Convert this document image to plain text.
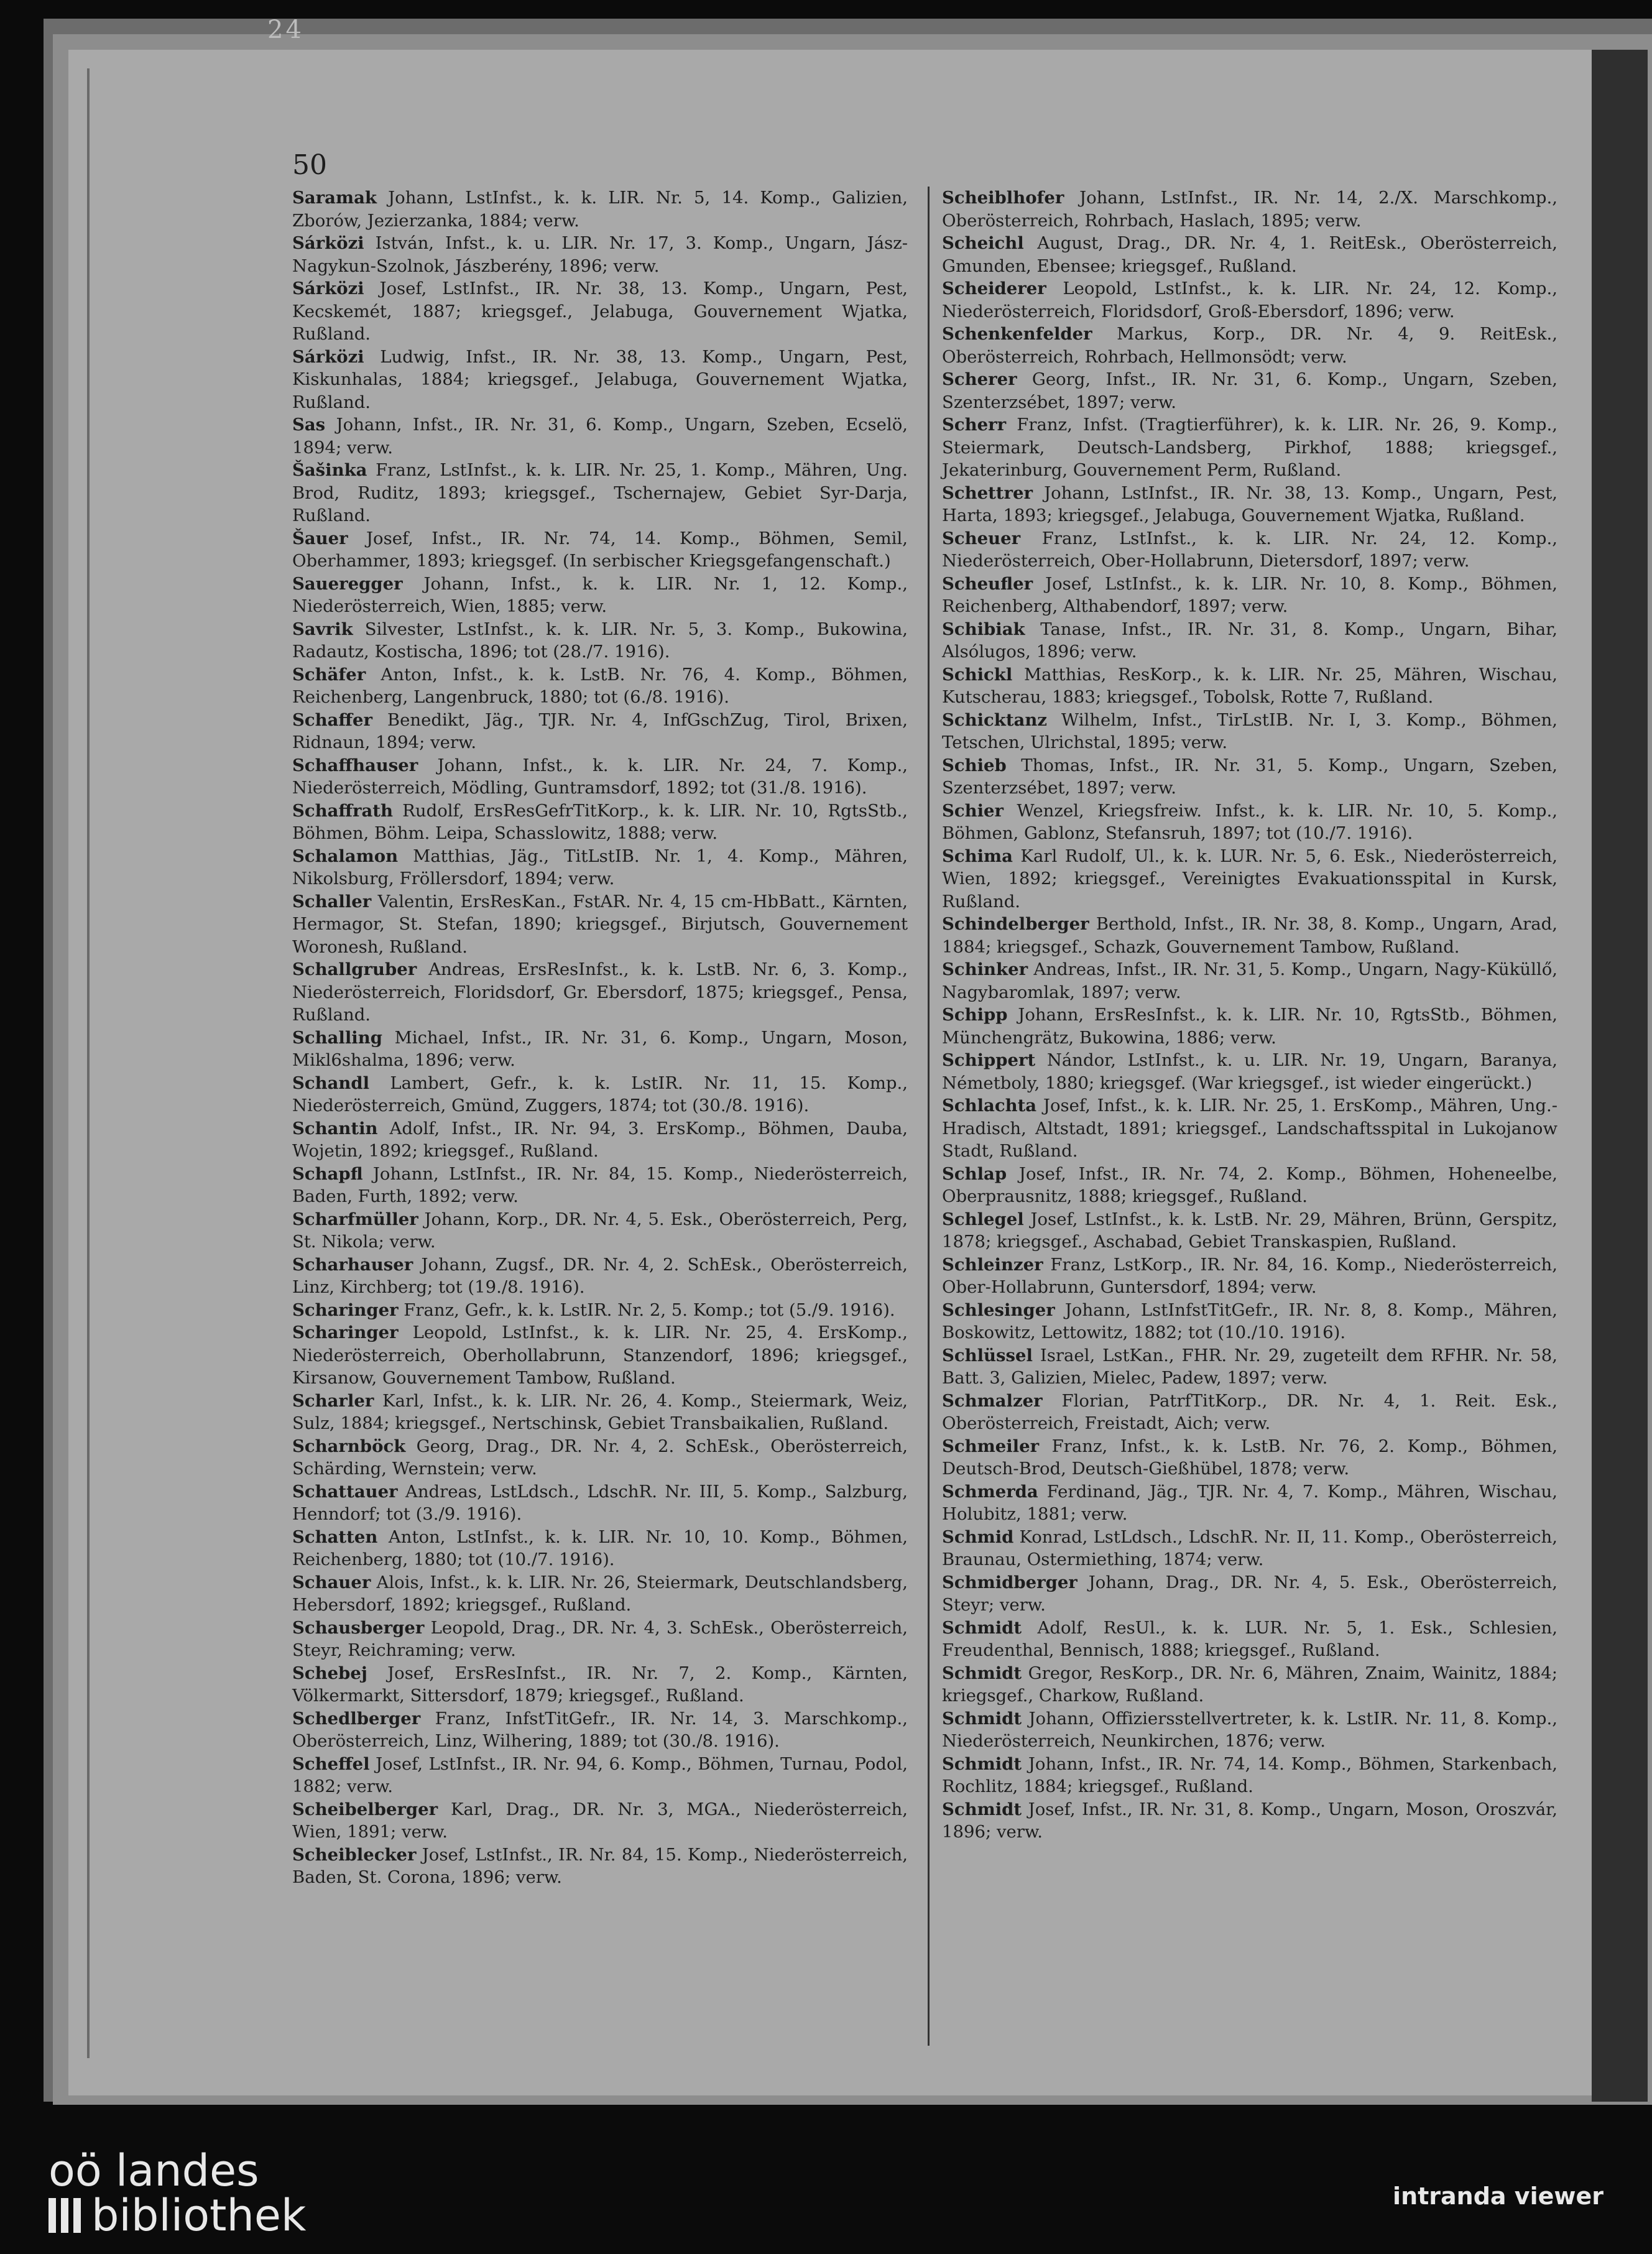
24
50
Saramak Johann, LstInfst., k. k. LIR. Nr. 5, 14. Komp., Galizien, Zborów, Jezierzanka, 1884; verw.
Sárközi István, Infst., k. u. LIR. Nr. 17, 3. Komp., Ungarn, Jász-Nagykun-Szolnok, Jászberény, 1896; verw.
Sárközi Josef, LstInfst., IR. Nr. 38, 13. Komp., Ungarn, Pest, Kecskemét, 1887; kriegsgef., Jelabuga, Gouvernement Wjatka, Rußland.
Sárközi Ludwig, Infst., IR. Nr. 38, 13. Komp., Ungarn, Pest, Kiskunhalas, 1884; kriegsgef., Jelabuga, Gouvernement Wjatka, Rußland.
Sas Johann, Infst., IR. Nr. 31, 6. Komp., Ungarn, Szeben, Ecselö, 1894; verw.
Šašinka Franz, LstInfst., k. k. LIR. Nr. 25, 1. Komp., Mähren, Ung. Brod, Ruditz, 1893; kriegsgef., Tschernajew, Gebiet Syr-Darja, Rußland.
Šauer Josef, Infst., IR. Nr. 74, 14. Komp., Böhmen, Semil, Oberhammer, 1893; kriegsgef. (In serbischer Kriegsgefangenschaft.)
Saueregger Johann, Infst., k. k. LIR. Nr. 1, 12. Komp., Niederösterreich, Wien, 1885; verw.
Savrik Silvester, LstInfst., k. k. LIR. Nr. 5, 3. Komp., Bukowina, Radautz, Kostischa, 1896; tot (28./7. 1916).
Schäfer Anton, Infst., k. k. LstB. Nr. 76, 4. Komp., Böhmen, Reichenberg, Langenbruck, 1880; tot (6./8. 1916).
Schaffer Benedikt, Jäg., TJR. Nr. 4, InfGschZug, Tirol, Brixen, Ridnaun, 1894; verw.
Schaffhauser Johann, Infst., k. k. LIR. Nr. 24, 7. Komp., Niederösterreich, Mödling, Guntramsdorf, 1892; tot (31./8. 1916).
Schaffrath Rudolf, ErsResGefrTitKorp., k. k. LIR. Nr. 10, RgtsStb., Böhmen, Böhm. Leipa, Schasslowitz, 1888; verw.
Schalamon Matthias, Jäg., TitLstIB. Nr. 1, 4. Komp., Mähren, Nikolsburg, Fröllersdorf, 1894; verw.
Schaller Valentin, ErsResKan., FstAR. Nr. 4, 15 cm-HbBatt., Kärnten, Hermagor, St. Stefan, 1890; kriegsgef., Birjutsch, Gouvernement Woronesh, Rußland.
Schallgruber Andreas, ErsResInfst., k. k. LstB. Nr. 6, 3. Komp., Niederösterreich, Floridsdorf, Gr. Ebersdorf, 1875; kriegsgef., Pensa, Rußland.
Schalling Michael, Infst., IR. Nr. 31, 6. Komp., Ungarn, Moson, Mikl6shalma, 1896; verw.
Schandl Lambert, Gefr., k. k. LstIR. Nr. 11, 15. Komp., Niederösterreich, Gmünd, Zuggers, 1874; tot (30./8. 1916).
Schantin Adolf, Infst., IR. Nr. 94, 3. ErsKomp., Böhmen, Dauba, Wojetin, 1892; kriegsgef., Rußland.
Schapfl Johann, LstInfst., IR. Nr. 84, 15. Komp., Niederösterreich, Baden, Furth, 1892; verw.
Scharfmüller Johann, Korp., DR. Nr. 4, 5. Esk., Oberösterreich, Perg, St. Nikola; verw.
Scharhauser Johann, Zugsf., DR. Nr. 4, 2. SchEsk., Oberösterreich, Linz, Kirchberg; tot (19./8. 1916).
Scharinger Franz, Gefr., k. k. LstIR. Nr. 2, 5. Komp.; tot (5./9. 1916).
Scharinger Leopold, LstInfst., k. k. LIR. Nr. 25, 4. ErsKomp., Niederösterreich, Oberhollabrunn, Stanzendorf, 1896; kriegsgef., Kirsanow, Gouvernement Tambow, Rußland.
Scharler Karl, Infst., k. k. LIR. Nr. 26, 4. Komp., Steiermark, Weiz, Sulz, 1884; kriegsgef., Nertschinsk, Gebiet Transbaikalien, Rußland.
Scharnböck Georg, Drag., DR. Nr. 4, 2. SchEsk., Oberösterreich, Schärding, Wernstein; verw.
Schattauer Andreas, LstLdsch., LdschR. Nr. III, 5. Komp., Salzburg, Henndorf; tot (3./9. 1916).
Schatten Anton, LstInfst., k. k. LIR. Nr. 10, 10. Komp., Böhmen, Reichenberg, 1880; tot (10./7. 1916).
Schauer Alois, Infst., k. k. LIR. Nr. 26, Steiermark, Deutschlandsberg, Hebersdorf, 1892; kriegsgef., Rußland.
Schausberger Leopold, Drag., DR. Nr. 4, 3. SchEsk., Oberösterreich, Steyr, Reichraming; verw.
Schebej Josef, ErsResInfst., IR. Nr. 7, 2. Komp., Kärnten, Völkermarkt, Sittersdorf, 1879; kriegsgef., Rußland.
Schedlberger Franz, InfstTitGefr., IR. Nr. 14, 3. Marschkomp., Oberösterreich, Linz, Wilhering, 1889; tot (30./8. 1916).
Scheffel Josef, LstInfst., IR. Nr. 94, 6. Komp., Böhmen, Turnau, Podol, 1882; verw.
Scheibelberger Karl, Drag., DR. Nr. 3, MGA., Niederösterreich, Wien, 1891; verw.
Scheiblecker Josef, LstInfst., IR. Nr. 84, 15. Komp., Niederösterreich, Baden, St. Corona, 1896; verw.
Scheiblhofer Johann, LstInfst., IR. Nr. 14, 2./X. Marschkomp., Oberösterreich, Rohrbach, Haslach, 1895; verw.
Scheichl August, Drag., DR. Nr. 4, 1. ReitEsk., Oberösterreich, Gmunden, Ebensee; kriegsgef., Rußland.
Scheiderer Leopold, LstInfst., k. k. LIR. Nr. 24, 12. Komp., Niederösterreich, Floridsdorf, Groß-Ebersdorf, 1896; verw.
Schenkenfelder Markus, Korp., DR. Nr. 4, 9. ReitEsk., Oberösterreich, Rohrbach, Hellmonsödt; verw.
Scherer Georg, Infst., IR. Nr. 31, 6. Komp., Ungarn, Szeben, Szenterzsébet, 1897; verw.
Scherr Franz, Infst. (Tragtierführer), k. k. LIR. Nr. 26, 9. Komp., Steiermark, Deutsch-Landsberg, Pirkhof, 1888; kriegsgef., Jekaterinburg, Gouvernement Perm, Rußland.
Schettrer Johann, LstInfst., IR. Nr. 38, 13. Komp., Ungarn, Pest, Harta, 1893; kriegsgef., Jelabuga, Gouvernement Wjatka, Rußland.
Scheuer Franz, LstInfst., k. k. LIR. Nr. 24, 12. Komp., Niederösterreich, Ober-Hollabrunn, Dietersdorf, 1897; verw.
Scheufler Josef, LstInfst., k. k. LIR. Nr. 10, 8. Komp., Böhmen, Reichenberg, Althabendorf, 1897; verw.
Schibiak Tanase, Infst., IR. Nr. 31, 8. Komp., Ungarn, Bihar, Alsólugos, 1896; verw.
Schickl Matthias, ResKorp., k. k. LIR. Nr. 25, Mähren, Wischau, Kutscherau, 1883; kriegsgef., Tobolsk, Rotte 7, Rußland.
Schicktanz Wilhelm, Infst., TirLstIB. Nr. I, 3. Komp., Böhmen, Tetschen, Ulrichstal, 1895; verw.
Schieb Thomas, Infst., IR. Nr. 31, 5. Komp., Ungarn, Szeben, Szenterzsébet, 1897; verw.
Schier Wenzel, Kriegsfreiw. Infst., k. k. LIR. Nr. 10, 5. Komp., Böhmen, Gablonz, Stefansruh, 1897; tot (10./7. 1916).
Schima Karl Rudolf, Ul., k. k. LUR. Nr. 5, 6. Esk., Niederösterreich, Wien, 1892; kriegsgef., Vereinigtes Evakuationsspital in Kursk, Rußland.
Schindelberger Berthold, Infst., IR. Nr. 38, 8. Komp., Ungarn, Arad, 1884; kriegsgef., Schazk, Gouvernement Tambow, Rußland.
Schinker Andreas, Infst., IR. Nr. 31, 5. Komp., Ungarn, Nagy-Küküllő, Nagybaromlak, 1897; verw.
Schipp Johann, ErsResInfst., k. k. LIR. Nr. 10, RgtsStb., Böhmen, Münchengrätz, Bukowina, 1886; verw.
Schippert Nándor, LstInfst., k. u. LIR. Nr. 19, Ungarn, Baranya, Németboly, 1880; kriegsgef. (War kriegsgef., ist wieder eingerückt.)
Schlachta Josef, Infst., k. k. LIR. Nr. 25, 1. ErsKomp., Mähren, Ung.-Hradisch, Altstadt, 1891; kriegsgef., Landschaftsspital in Lukojanow Stadt, Rußland.
Schlap Josef, Infst., IR. Nr. 74, 2. Komp., Böhmen, Hoheneelbe, Oberprausnitz, 1888; kriegsgef., Rußland.
Schlegel Josef, LstInfst., k. k. LstB. Nr. 29, Mähren, Brünn, Gerspitz, 1878; kriegsgef., Aschabad, Gebiet Transkaspien, Rußland.
Schleinzer Franz, LstKorp., IR. Nr. 84, 16. Komp., Niederösterreich, Ober-Hollabrunn, Guntersdorf, 1894; verw.
Schlesinger Johann, LstInfstTitGefr., IR. Nr. 8, 8. Komp., Mähren, Boskowitz, Lettowitz, 1882; tot (10./10. 1916).
Schlüssel Israel, LstKan., FHR. Nr. 29, zugeteilt dem RFHR. Nr. 58, Batt. 3, Galizien, Mielec, Padew, 1897; verw.
Schmalzer Florian, PatrfTitKorp., DR. Nr. 4, 1. Reit. Esk., Oberösterreich, Freistadt, Aich; verw.
Schmeiler Franz, Infst., k. k. LstB. Nr. 76, 2. Komp., Böhmen, Deutsch-Brod, Deutsch-Gießhübel, 1878; verw.
Schmerda Ferdinand, Jäg., TJR. Nr. 4, 7. Komp., Mähren, Wischau, Holubitz, 1881; verw.
Schmid Konrad, LstLdsch., LdschR. Nr. II, 11. Komp., Oberösterreich, Braunau, Ostermiething, 1874; verw.
Schmidberger Johann, Drag., DR. Nr. 4, 5. Esk., Oberösterreich, Steyr; verw.
Schmidt Adolf, ResUl., k. k. LUR. Nr. 5, 1. Esk., Schlesien, Freudenthal, Bennisch, 1888; kriegsgef., Rußland.
Schmidt Gregor, ResKorp., DR. Nr. 6, Mähren, Znaim, Wainitz, 1884; kriegsgef., Charkow, Rußland.
Schmidt Johann, Offiziersstellvertreter, k. k. LstIR. Nr. 11, 8. Komp., Niederösterreich, Neunkirchen, 1876; verw.
Schmidt Johann, Infst., IR. Nr. 74, 14. Komp., Böhmen, Starkenbach, Rochlitz, 1884; kriegsgef., Rußland.
Schmidt Josef, Infst., IR. Nr. 31, 8. Komp., Ungarn, Moson, Oroszvár, 1896; verw.
oö landes
bibliothek	intranda viewer
